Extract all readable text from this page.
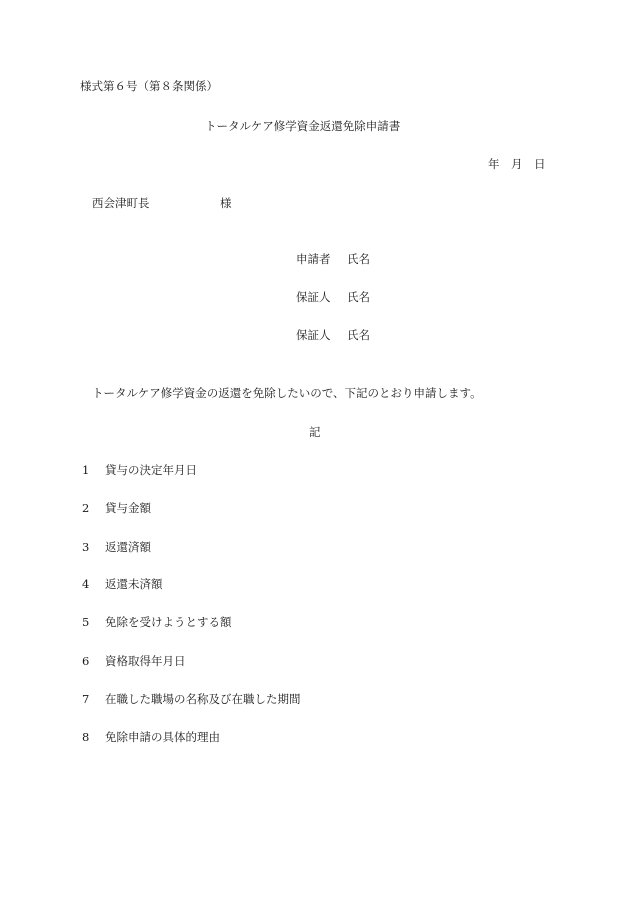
様式第６号（第８条関係）
トータルケア修学資金返還免除申請書
年　月　日
西会津町長	様
申請者 氏名
保証人 氏名
保証人 氏名
トータルケア修学資金の返還を免除したいので、下記のとおり申請します。
記
1 貸与の決定年月日
2 貸与金額
3 返還済額
4 返還未済額
5 免除を受けようとする額
6 資格取得年月日
7 在職した職場の名称及び在職した期間
8 免除申請の具体的理由
